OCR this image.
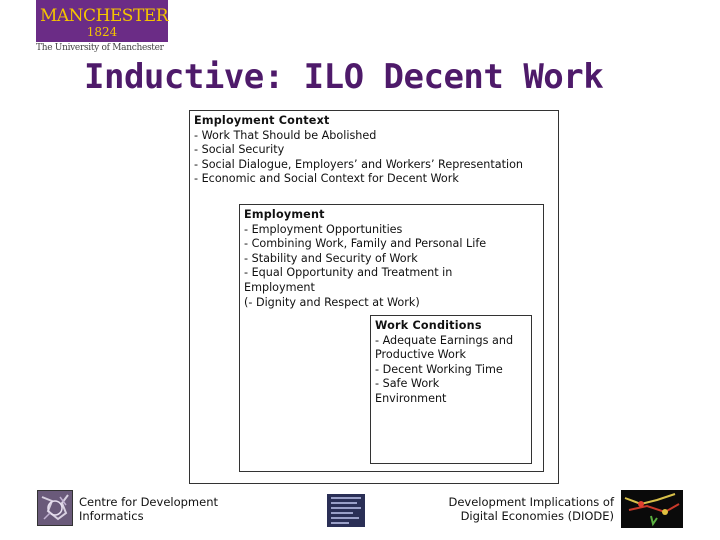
MANCHESTER
1824
The University of Manchester
Inductive: ILO Decent Work
Employment Context
- Work That Should be Abolished
- Social Security
- Social Dialogue, Employers’ and Workers’ Representation
- Economic and Social Context for Decent Work
Employment
- Employment Opportunities
- Combining Work, Family and Personal Life
- Stability and Security of Work
- Equal Opportunity and Treatment in Employment
(- Dignity and Respect at Work)
Work Conditions
- Adequate Earnings and Productive Work
- Decent Working Time
- Safe Work Environment
Centre for Development
Informatics
Development Implications of
Digital Economies (DIODE)
